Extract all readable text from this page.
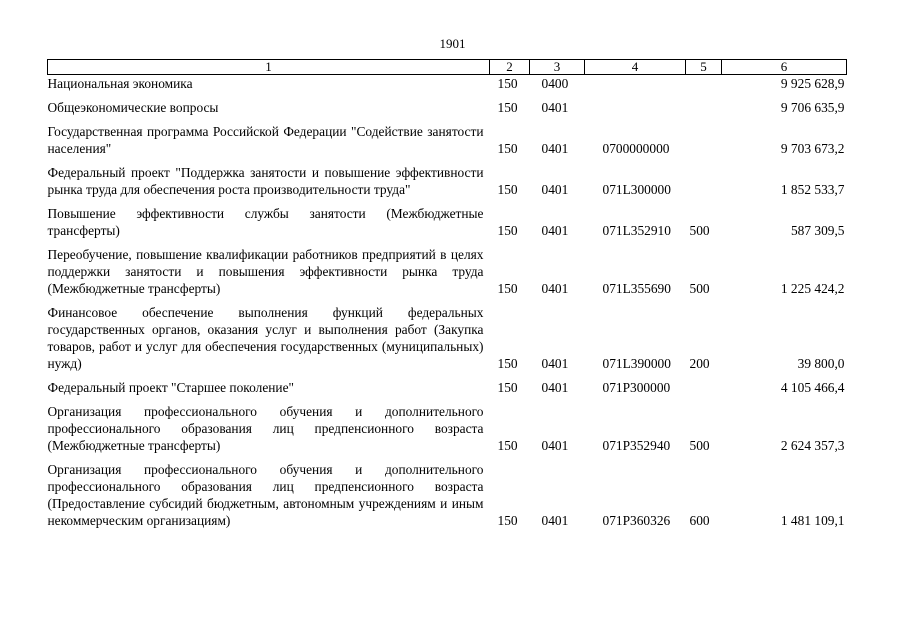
1901
1	2	3	4	5	6
Национальная экономика	150	0400			9 925 628,9
Общеэкономические вопросы	150	0401			9 706 635,9
Государственная программа Российской Федерации "Содействие занятости населения"	150	0401	0700000000		9 703 673,2
Федеральный проект "Поддержка занятости и повышение эффективности рынка труда для обеспечения роста производительности труда"	150	0401	071L300000		1 852 533,7
Повышение эффективности службы занятости (Межбюджетные трансферты)	150	0401	071L352910	500	587 309,5
Переобучение, повышение квалификации работников предприятий в целях поддержки занятости и повышения эффективности рынка труда (Межбюджетные трансферты)	150	0401	071L355690	500	1 225 424,2
Финансовое обеспечение выполнения функций федеральных государственных органов, оказания услуг и выполнения работ (Закупка товаров, работ и услуг для обеспечения государственных (муниципальных) нужд)	150	0401	071L390000	200	39 800,0
Федеральный проект "Старшее поколение"	150	0401	071P300000		4 105 466,4
Организация профессионального обучения и дополнительного профессионального образования лиц предпенсионного возраста (Межбюджетные трансферты)	150	0401	071P352940	500	2 624 357,3
Организация профессионального обучения и дополнительного профессионального образования лиц предпенсионного возраста (Предоставление субсидий бюджетным, автономным учреждениям и иным некоммерческим организациям)	150	0401	071P360326	600	1 481 109,1
